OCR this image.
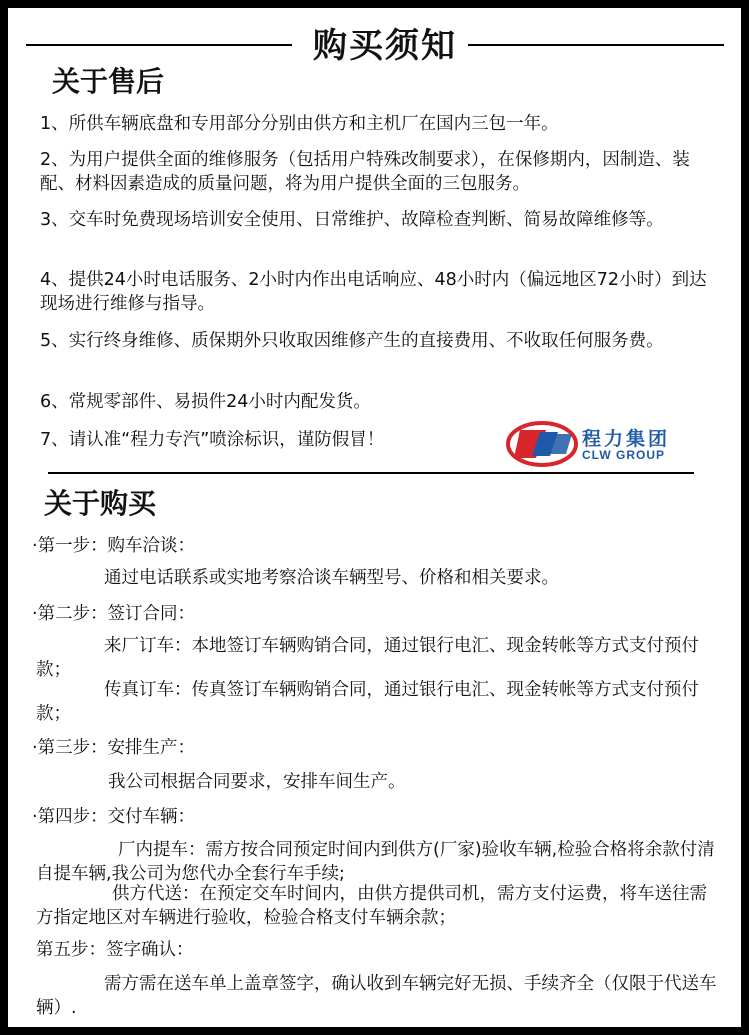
购买须知
关于售后
1、所供车辆底盘和专用部分分别由供方和主机厂在国内三包一年。
2、为用户提供全面的维修服务（包括用户特殊改制要求），在保修期内，因制造、装配、材料因素造成的质量问题，将为用户提供全面的三包服务。
3、交车时免费现场培训安全使用、日常维护、故障检查判断、简易故障维修等。
4、提供24小时电话服务、2小时内作出电话响应、48小时内（偏远地区72小时）到达现场进行维修与指导。
5、实行终身维修、质保期外只收取因维修产生的直接费用、不收取任何服务费。
6、常规零部件、易损件24小时内配发货。
7、请认准“程力专汽”喷涂标识，谨防假冒！	程力集团
CLW GROUP
关于购买
·第一步：购车洽谈：
通过电话联系或实地考察洽谈车辆型号、价格和相关要求。
·第二步：签订合同：
来厂订车：本地签订车辆购销合同，通过银行电汇、现金转帐等方式支付预付款；
传真订车：传真签订车辆购销合同，通过银行电汇、现金转帐等方式支付预付款；
·第三步：安排生产：
我公司根据合同要求，安排车间生产。
·第四步：交付车辆：
厂内提车：需方按合同预定时间内到供方(厂家)验收车辆,检验合格将余款付清自提车辆,我公司为您代办全套行车手续;
供方代送：在预定交车时间内，由供方提供司机，需方支付运费，将车送往需方指定地区对车辆进行验收，检验合格支付车辆余款；
第五步：签字确认：
需方需在送车单上盖章签字，确认收到车辆完好无损、手续齐全（仅限于代送车辆）.
